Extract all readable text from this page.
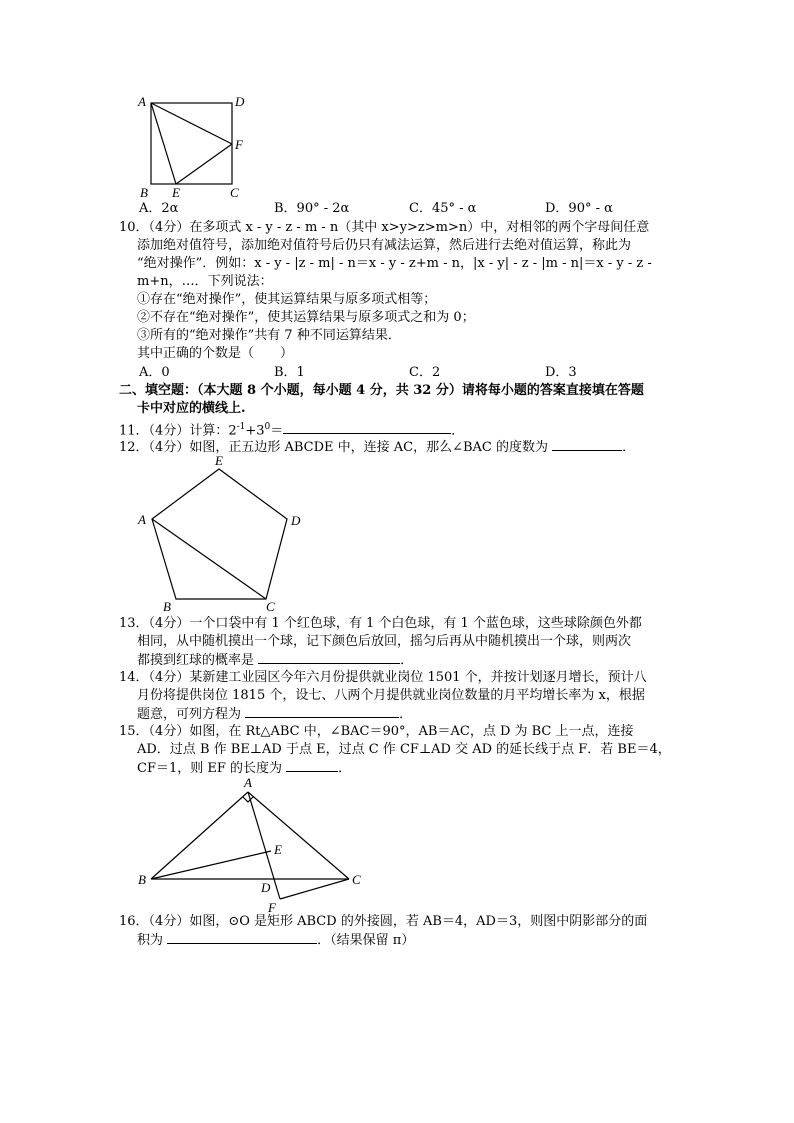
A	D
F
B E	C
A．2α	B．90° - 2α	C．45° - α	D．90° - α
10．（4分）在多项式 x - y - z - m - n（其中 x>y>z>m>n）中，对相邻的两个字母间任意
添加绝对值符号，添加绝对值符号后仍只有减法运算，然后进行去绝对值运算，称此为
“绝对操作”．例如：x - y - |z - m| - n＝x - y - z+m - n，|x - y| - z - |m - n|＝x - y - z -
m+n，…．下列说法：
①存在“绝对操作”，使其运算结果与原多项式相等；
②不存在“绝对操作”，使其运算结果与原多项式之和为 0；
③所有的“绝对操作”共有 7 种不同运算结果．
其中正确的个数是（　　）
A．0	B．1	C．2	D．3
二、填空题：（本大题 8 个小题，每小题 4 分，共 32 分）请将每小题的答案直接填在答题
卡中对应的横线上.
11．（4分）计算：$2^{-1}+3^0=$	．
12．（4分）如图，正五边形 ABCDE 中，连接 AC，那么∠BAC 的度数为	．
E
D
A
B	C
13．（4分）一个口袋中有 1 个红色球，有 1 个白色球，有 1 个蓝色球，这些球除颜色外都
相同，从中随机摸出一个球，记下颜色后放回，摇匀后再从中随机摸出一个球，则两次
都摸到红球的概率是	．
14．（4分）某新建工业园区今年六月份提供就业岗位 1501 个，并按计划逐月增长，预计八
月份将提供岗位 1815 个，设七、八两个月提供就业岗位数量的月平均增长率为 x，根据
题意，可列方程为	．
15．（4分）如图，在 Rt△ABC 中，∠BAC＝90°，AB＝AC，点 D 为 BC 上一点，连接
AD．过点 B 作 BE⊥AD 于点 E，过点 C 作 CF⊥AD 交 AD 的延长线于点 F．若 BE＝4，
CF＝1，则 EF 的长度为	．
A
E
B	C
D
F
16．（4分）如图，⊙O 是矩形 ABCD 的外接圆，若 AB＝4，AD＝3，则图中阴影部分的面
积为	．（结果保留 π）
